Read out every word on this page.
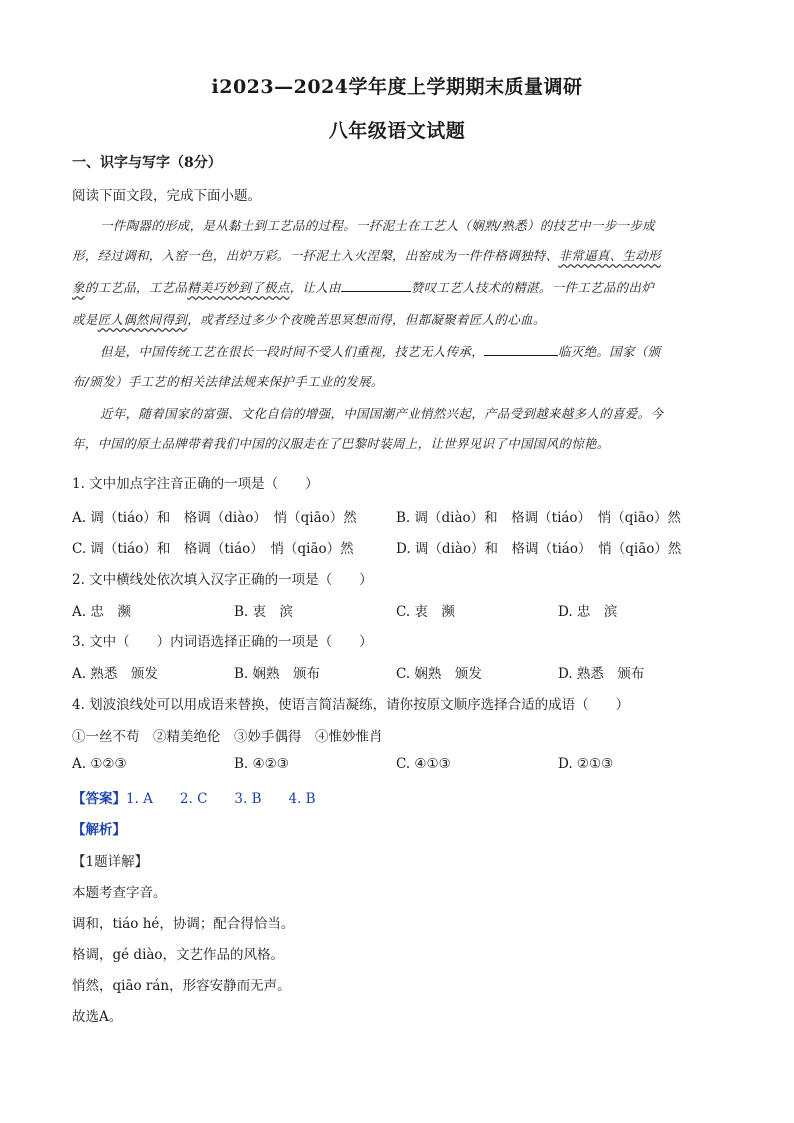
i2023—2024学年度上学期期末质量调研
八年级语文试题
一、识字与写字（8分）
阅读下面文段，完成下面小题。
一件陶器的形成，是从黏土到工艺品的过程。一抔泥土在工艺人（娴熟/熟悉）的技艺中一步一步成
形，经过调和，入窑一色，出炉万彩。一抔泥土入火涅槃，出窑成为一件件格调独特、非常逼真、生动形
象的工艺品，工艺品精美巧妙到了极点，让人由	赞叹工艺人技术的精湛。一件工艺品的出炉
或是匠人偶然间得到，或者经过多少个夜晚苦思冥想而得，但都凝聚着匠人的心血。
但是，中国传统工艺在很长一段时间不受人们重视，技艺无人传承，	临灭绝。国家（颁
布/颁发）手工艺的相关法律法规来保护手工业的发展。
近年，随着国家的富强、文化自信的增强，中国国潮产业悄然兴起，产品受到越来越多人的喜爱。今
年，中国的原土品牌带着我们中国的汉服走在了巴黎时装周上，让世界见识了中国国风的惊艳。
1. 文中加点字注音正确的一项是（　　）
A. 调（tiáo）和　格调（diào）　悄（qiāo）然	B. 调（diào）和　格调（tiáo）　悄（qiāo）然
C. 调（tiáo）和　格调（tiáo）　悄（qiāo）然	D. 调（diào）和　格调（tiáo）　悄（qiāo）然
2. 文中横线处依次填入汉字正确的一项是（　　）
A. 忠　濒	B. 衷　滨	C. 衷　濒	D. 忠　滨
3. 文中（　　）内词语选择正确的一项是（　　）
A. 熟悉　颁发	B. 娴熟　颁布	C. 娴熟　颁发	D. 熟悉　颁布
4. 划波浪线处可以用成语来替换，使语言简洁凝练，请你按原文顺序选择合适的成语（　　）
①一丝不苟　②精美绝伦　③妙手偶得　④惟妙惟肖
A. ①②③	B. ④②③	C. ④①③	D. ②①③
【答案】1. A　　2. C　　3. B　　4. B
【解析】
【1题详解】
本题考查字音。
调和，tiáo hé，协调；配合得恰当。
格调，gé diào，文艺作品的风格。
悄然，qiāo rán，形容安静而无声。
故选A。
